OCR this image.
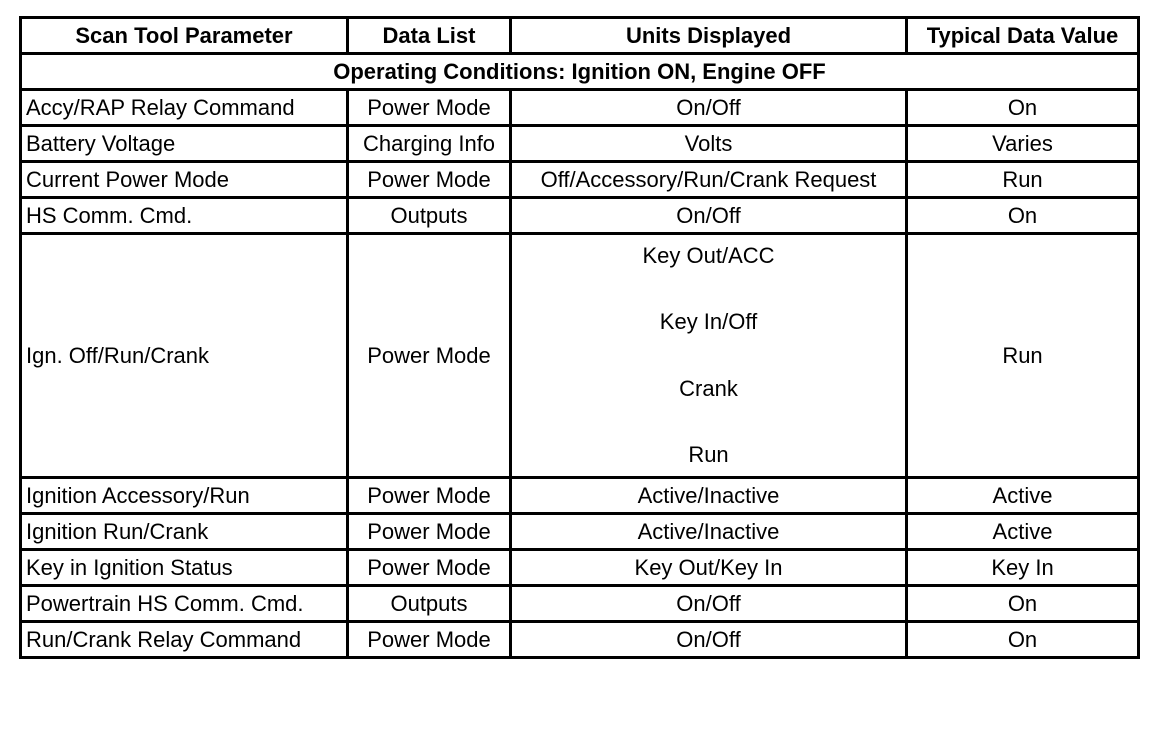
Scan Tool Parameter	Data List	Units Displayed	Typical Data Value
Operating Conditions: Ignition ON, Engine OFF			
Accy/RAP Relay Command	Power Mode	On/Off	On
Battery Voltage	Charging Info	Volts	Varies
Current Power Mode	Power Mode	Off/Accessory/Run/Crank Request	Run
HS Comm. Cmd.	Outputs	On/Off	On
Ign. Off/Run/Crank	Power Mode	Key Out/ACC
Key In/Off
Crank
Run	Run
Ignition Accessory/Run	Power Mode	Active/Inactive	Active
Ignition Run/Crank	Power Mode	Active/Inactive	Active
Key in Ignition Status	Power Mode	Key Out/Key In	Key In
Powertrain HS Comm. Cmd.	Outputs	On/Off	On
Run/Crank Relay Command	Power Mode	On/Off	On
